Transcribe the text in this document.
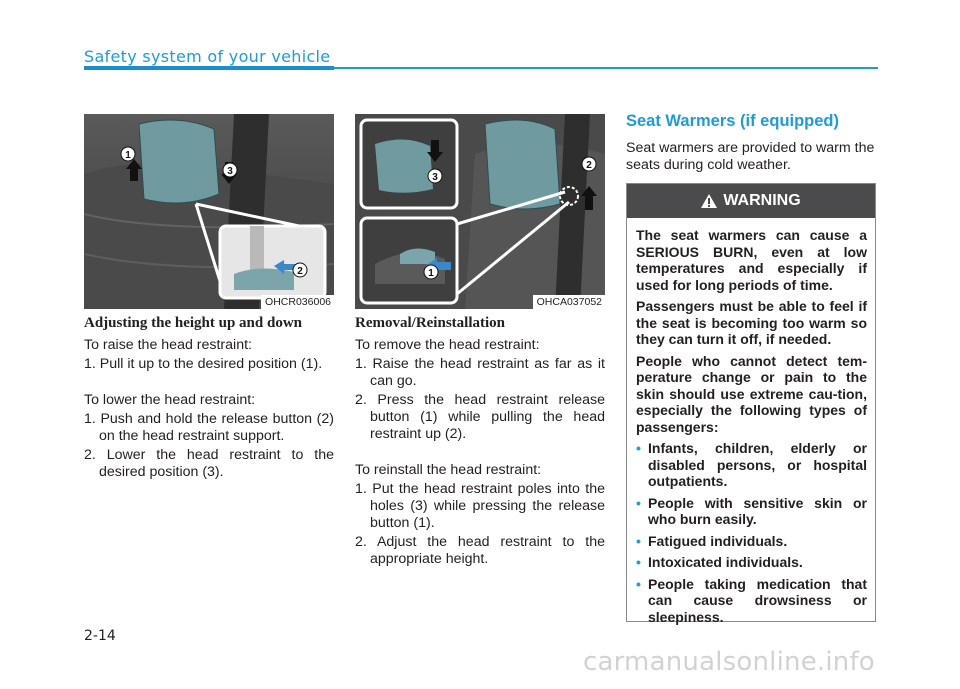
Safety system of your vehicle
1
3
2
OHCR036006
3
2
1
OHCA037052
Adjusting the height up and down

To raise the head restraint:

1. Pull it up to the desired position (1).

To lower the head restraint:

1. Push and hold the release button (2) on the head restraint support.
2. Lower the head restraint to the desired position (3).
Removal/Reinstallation

To remove the head restraint:

1. Raise the head restraint as far as it can go.
2. Press the head restraint release button (1) while pulling the head restraint up (2).

To reinstall the head restraint:

1. Put the head restraint poles into the holes (3) while pressing the release button (1).
2. Adjust the head restraint to the appropriate height.
Seat Warmers (if equipped)

Seat warmers are provided to warm the seats during cold weather.

WARNING

The seat warmers can cause a SERIOUS BURN, even at low temperatures and especially if used for long periods of time.

Passengers must be able to feel if the seat is becoming too warm so they can turn it off, if needed.

People who cannot detect tem-perature change or pain to the skin should use extreme cau-tion, especially the following types of passengers:

• Infants, children, elderly or disabled persons, or hospital outpatients.
• People with sensitive skin or who burn easily.
• Fatigued individuals.
• Intoxicated individuals.
• People taking medication that can cause drowsiness or sleepiness.
2-14
carmanualsonline.info
